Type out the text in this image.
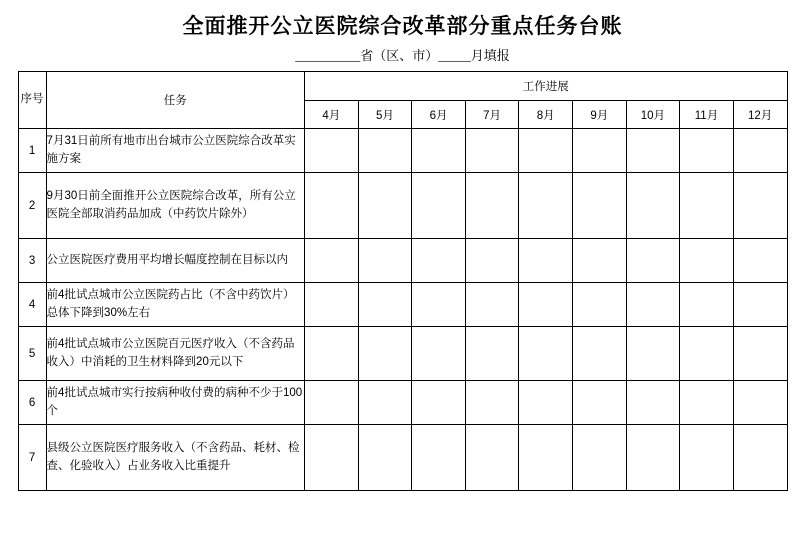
全面推开公立医院综合改革部分重点任务台账
__________省（区、市）_____月填报
序号	任务	工作进展								
		4月	5月	6月	7月	8月	9月	10月	11月	12月
1	7月31日前所有地市出台城市公立医院综合改革实施方案									
2	9月30日前全面推开公立医院综合改革，所有公立医院全部取消药品加成（中药饮片除外）									
3	公立医院医疗费用平均增长幅度控制在目标以内									
4	前4批试点城市公立医院药占比（不含中药饮片）总体下降到30%左右									
5	前4批试点城市公立医院百元医疗收入（不含药品收入）中消耗的卫生材料降到20元以下									
6	前4批试点城市实行按病种收付费的病种不少于100个									
7	县级公立医院医疗服务收入（不含药品、耗材、检查、化验收入）占业务收入比重提升									
